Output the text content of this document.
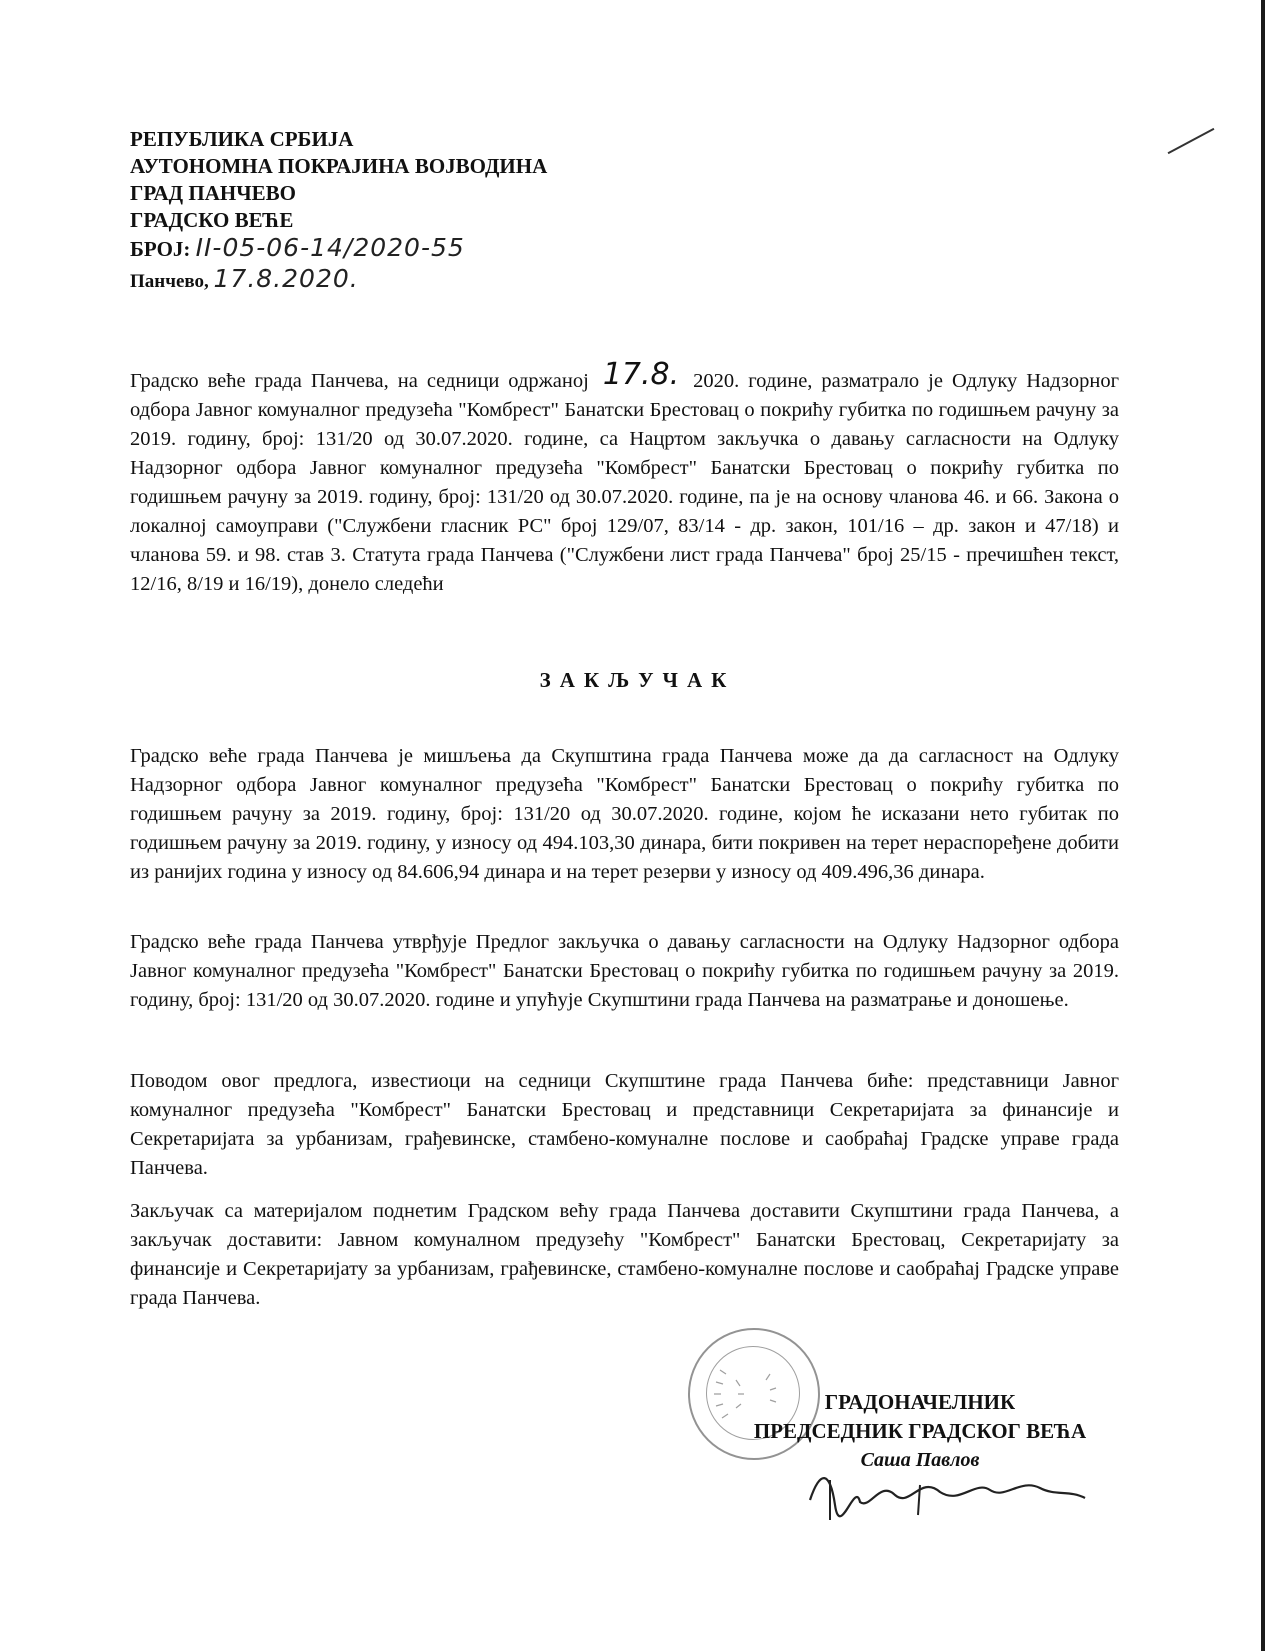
РЕПУБЛИКА СРБИЈА
АУТОНОМНА ПОКРАЈИНА ВОЈВОДИНА
ГРАД ПАНЧЕВО
ГРАДСКО ВЕЋЕ
БРОЈ: II-05-06-14/2020-55
Панчево, 17.8.2020.
Градско веће града Панчева, на седници одржаној 17.8. 2020. године, разматрало је Одлуку Надзорног одбора Јавног комуналног предузећа "Комбрест" Банатски Брестовац о покрићу губитка по годишњем рачуну за 2019. годину, број: 131/20 од 30.07.2020. године, са Нацртом закључка о давању сагласности на Одлуку Надзорног одбора Јавног комуналног предузећа "Комбрест" Банатски Брестовац о покрићу губитка по годишњем рачуну за 2019. годину, број: 131/20 од 30.07.2020. године, па је на основу чланова 46. и 66. Закона о локалној самоуправи ("Службени гласник РС" број 129/07, 83/14 - др. закон, 101/16 – др. закон и 47/18) и чланова 59. и 98. став 3. Статута града Панчева ("Службени лист града Панчева" број 25/15 - пречишћен текст, 12/16, 8/19 и 16/19), донело следећи
ЗАКЉУЧАК
Градско веће града Панчева је мишљења да Скупштина града Панчева може да да сагласност на Одлуку Надзорног одбора Јавног комуналног предузећа "Комбрест" Банатски Брестовац о покрићу губитка по годишњем рачуну за 2019. годину, број: 131/20 од 30.07.2020. године, којом ће исказани нето губитак по годишњем рачуну за 2019. годину, у износу од 494.103,30 динара, бити покривен на терет нераспоређене добити из ранијих година у износу од 84.606,94 динара и на терет резерви у износу од 409.496,36 динара.
Градско веће града Панчева утврђује Предлог закључка о давању сагласности на Одлуку Надзорног одбора Јавног комуналног предузећа "Комбрест" Банатски Брестовац о покрићу губитка по годишњем рачуну за 2019. годину, број: 131/20 од 30.07.2020. године и упућује Скупштини града Панчева на разматрање и доношење.
Поводом овог предлога, известиоци на седници Скупштине града Панчева биће: представници Јавног комуналног предузећа "Комбрест" Банатски Брестовац и представници Секретаријата за финансије и Секретаријата за урбанизам, грађевинске, стамбено-комуналне послове и саобраћај Градске управе града Панчева.
Закључак са материјалом поднетим Градском већу града Панчева доставити Скупштини града Панчева, а закључак доставити: Јавном комуналном предузећу "Комбрест" Банатски Брестовац, Секретаријату за финансије и Секретаријату за урбанизам, грађевинске, стамбено-комуналне послове и саобраћај Градске управе града Панчева.
ГРАДОНАЧЕЛНИК
ПРЕДСЕДНИК ГРАДСКОГ ВЕЋА
Саша Павлов
